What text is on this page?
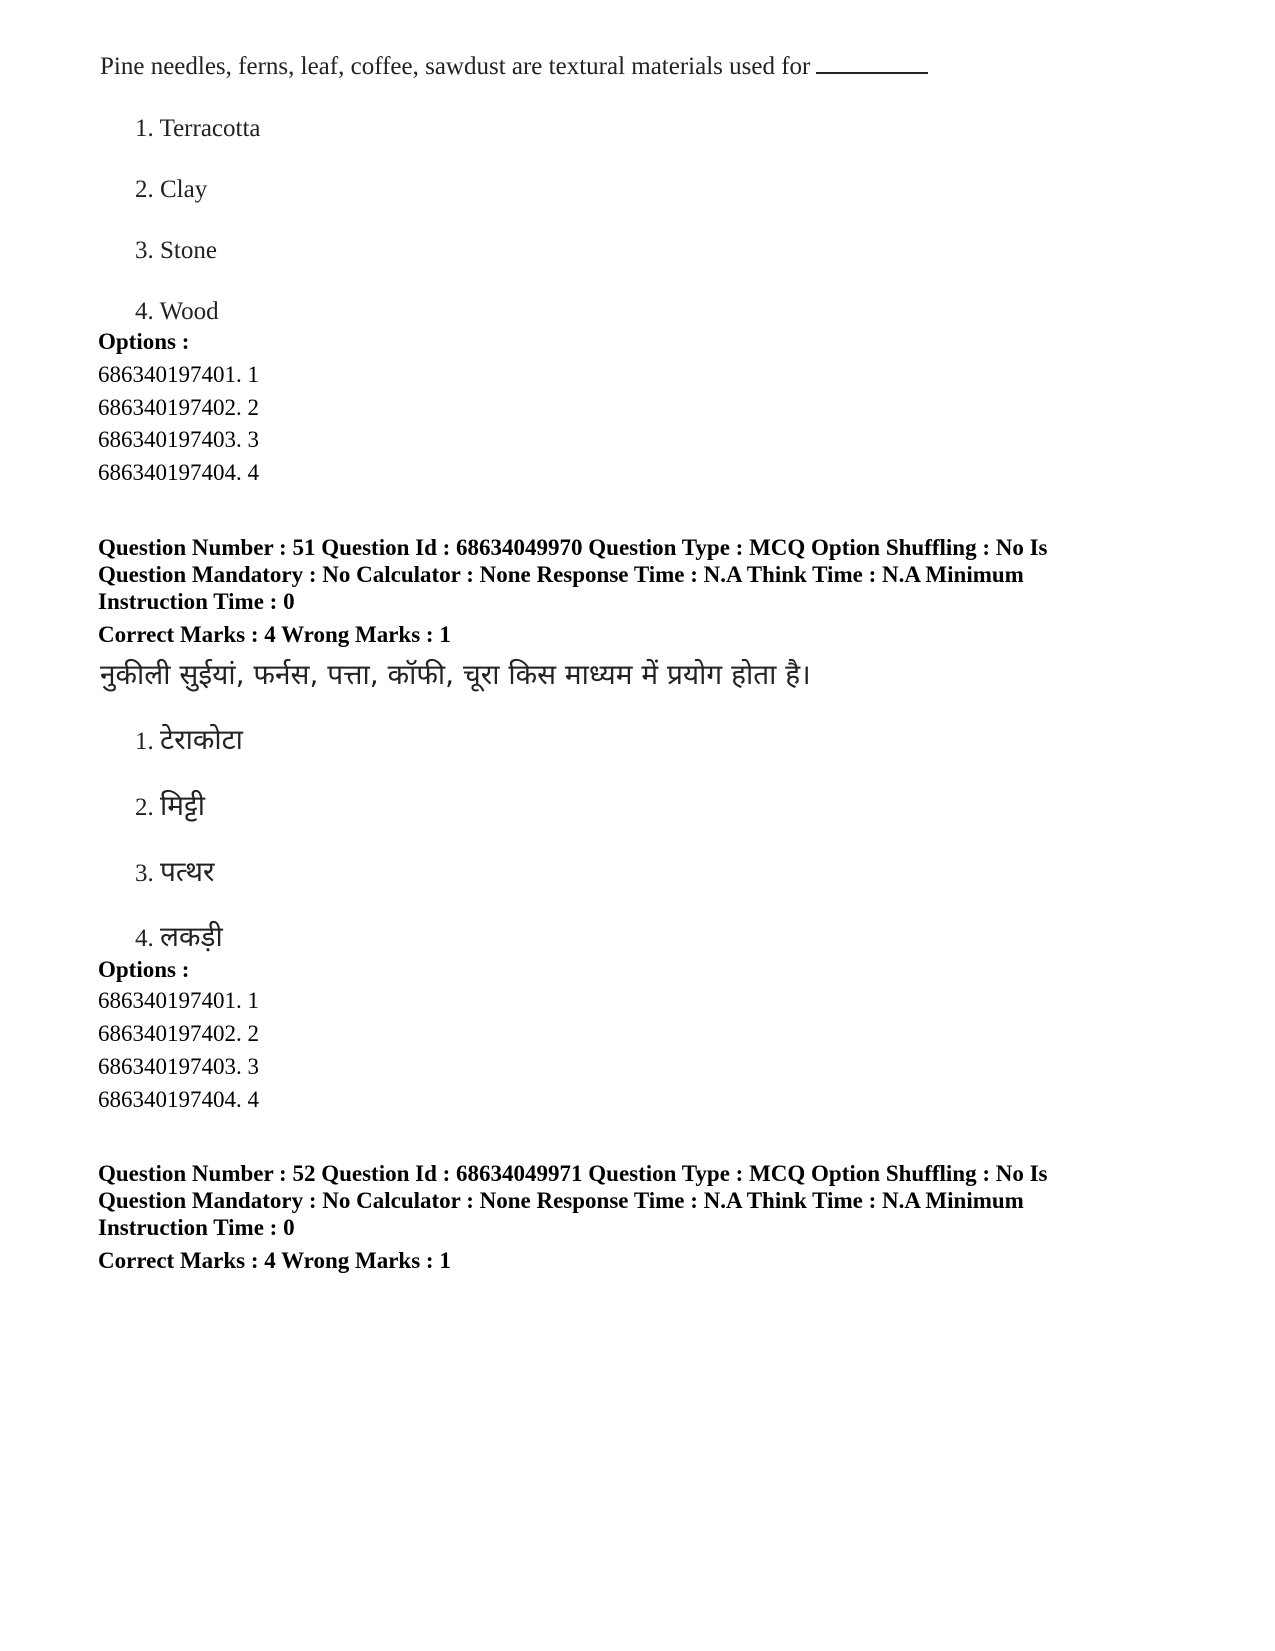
Pine needles, ferns, leaf, coffee, sawdust are textural materials used for
1. Terracotta
2. Clay
3. Stone
4. Wood
Options :
686340197401. 1
686340197402. 2
686340197403. 3
686340197404. 4
Question Number : 51 Question Id : 68634049970 Question Type : MCQ Option Shuffling : No Is
Question Mandatory : No Calculator : None Response Time : N.A Think Time : N.A Minimum
Instruction Time : 0
Correct Marks : 4 Wrong Marks : 1
नुकीली सुईयां, फर्नस, पत्ता, कॉफी, चूरा किस माध्यम में प्रयोग होता है।
1. टेराकोटा
2. मिट्टी
3. पत्थर
4. लकड़ी
Options :
686340197401. 1
686340197402. 2
686340197403. 3
686340197404. 4
Question Number : 52 Question Id : 68634049971 Question Type : MCQ Option Shuffling : No Is
Question Mandatory : No Calculator : None Response Time : N.A Think Time : N.A Minimum
Instruction Time : 0
Correct Marks : 4 Wrong Marks : 1
